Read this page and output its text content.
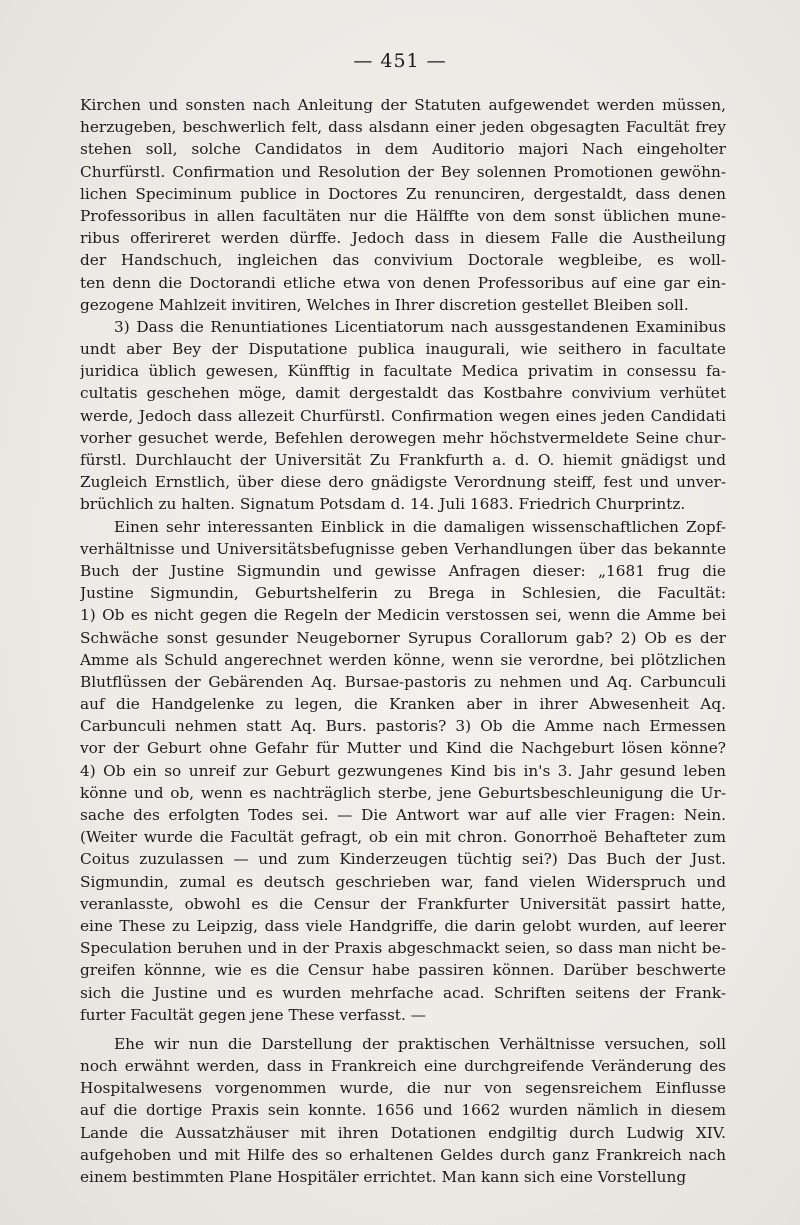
— 451 —
Kirchen und sonsten nach Anleitung der Statuten aufgewendet werden müssen,
herzugeben, beschwerlich felt, dass alsdann einer jeden obgesagten Facultät frey
stehen soll, solche Candidatos in dem Auditorio majori Nach eingeholter
Churfürstl. Confirmation und Resolution der Bey solennen Promotionen gewöhn-
lichen Speciminum publice in Doctores Zu renunciren, dergestaldt, dass denen
Professoribus in allen facultäten nur die Hälffte von dem sonst üblichen mune-
ribus offerireret werden dürffe. Jedoch dass in diesem Falle die Austheilung
der Handschuch, ingleichen das convivium Doctorale wegbleibe, es woll-
ten denn die Doctorandi etliche etwa von denen Professoribus auf eine gar ein-
gezogene Mahlzeit invitiren, Welches in Ihrer discretion gestellet Bleiben soll.
3) Dass die Renuntiationes Licentiatorum nach aussgestandenen Examinibus
undt aber Bey der Disputatione publica inaugurali, wie seithero in facultate
juridica üblich gewesen, Künfftig in facultate Medica privatim in consessu fa-
cultatis geschehen möge, damit dergestaldt das Kostbahre convivium verhütet
werde, Jedoch dass allezeit Churfürstl. Confirmation wegen eines jeden Candidati
vorher gesuchet werde, Befehlen derowegen mehr höchstvermeldete Seine chur-
fürstl. Durchlaucht der Universität Zu Frankfurth a. d. O. hiemit gnädigst und
Zugleich Ernstlich, über diese dero gnädigste Verordnung steiff, fest und unver-
brüchlich zu halten. Signatum Potsdam d. 14. Juli 1683. Friedrich Churprintz.
Einen sehr interessanten Einblick in die damaligen wissenschaftlichen Zopf-
verhältnisse und Universitätsbefugnisse geben Verhandlungen über das bekannte
Buch der Justine Sigmundin und gewisse Anfragen dieser: „1681 frug die
Justine Sigmundin, Geburtshelferin zu Brega in Schlesien, die Facultät:
1) Ob es nicht gegen die Regeln der Medicin verstossen sei, wenn die Amme bei
Schwäche sonst gesunder Neugeborner Syrupus Corallorum gab? 2) Ob es der
Amme als Schuld angerechnet werden könne, wenn sie verordne, bei plötzlichen
Blutflüssen der Gebärenden Aq. Bursae-pastoris zu nehmen und Aq. Carbunculi
auf die Handgelenke zu legen, die Kranken aber in ihrer Abwesenheit Aq.
Carbunculi nehmen statt Aq. Burs. pastoris? 3) Ob die Amme nach Ermessen
vor der Geburt ohne Gefahr für Mutter und Kind die Nachgeburt lösen könne?
4) Ob ein so unreif zur Geburt gezwungenes Kind bis in's 3. Jahr gesund leben
könne und ob, wenn es nachträglich sterbe, jene Geburtsbeschleunigung die Ur-
sache des erfolgten Todes sei. — Die Antwort war auf alle vier Fragen: Nein.
(Weiter wurde die Facultät gefragt, ob ein mit chron. Gonorrhoë Behafteter zum
Coitus zuzulassen — und zum Kinderzeugen tüchtig sei?) Das Buch der Just.
Sigmundin, zumal es deutsch geschrieben war, fand vielen Widerspruch und
veranlasste, obwohl es die Censur der Frankfurter Universität passirt hatte,
eine These zu Leipzig, dass viele Handgriffe, die darin gelobt wurden, auf leerer
Speculation beruhen und in der Praxis abgeschmackt seien, so dass man nicht be-
greifen könnne, wie es die Censur habe passiren können. Darüber beschwerte
sich die Justine und es wurden mehrfache acad. Schriften seitens der Frank-
furter Facultät gegen jene These verfasst. —
Ehe wir nun die Darstellung der praktischen Verhältnisse versuchen, soll
noch erwähnt werden, dass in Frankreich eine durchgreifende Veränderung des
Hospitalwesens vorgenommen wurde, die nur von segensreichem Einflusse
auf die dortige Praxis sein konnte. 1656 und 1662 wurden nämlich in diesem
Lande die Aussatzhäuser mit ihren Dotationen endgiltig durch Ludwig XIV.
aufgehoben und mit Hilfe des so erhaltenen Geldes durch ganz Frankreich nach
einem bestimmten Plane Hospitäler errichtet. Man kann sich eine Vorstellung
